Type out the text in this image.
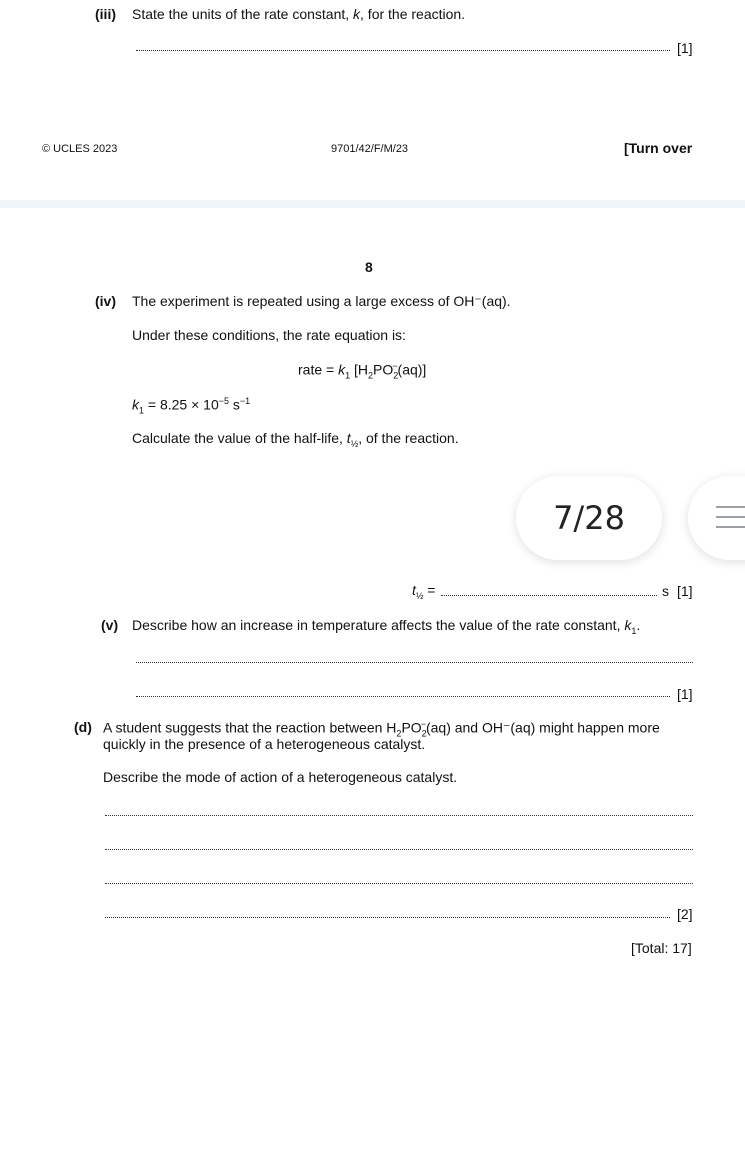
(iii) State the units of the rate constant, k, for the reaction.
[1]
© UCLES 2023	9701/42/F/M/23	[Turn over
8
(iv) The experiment is repeated using a large excess of OH⁻(aq).
Under these conditions, the rate equation is:
rate = $k_1$ $[H_2PO_2^-(aq)]$
$k_1 = 8.25 \times 10^{-5}$ $s^{-1}$
Calculate the value of the half-life, $t_{\frac{1}{2}}$, of the reaction.
7/28
$t_{\frac{1}{2}}$ =	s [1]
(v) Describe how an increase in temperature affects the value of the rate constant, $k_1$.
[1]
(d) A student suggests that the reaction between $H_2PO_2^-(aq)$ and OH⁻(aq) might happen more
quickly in the presence of a heterogeneous catalyst.
Describe the mode of action of a heterogeneous catalyst.
[2]
[Total: 17]
